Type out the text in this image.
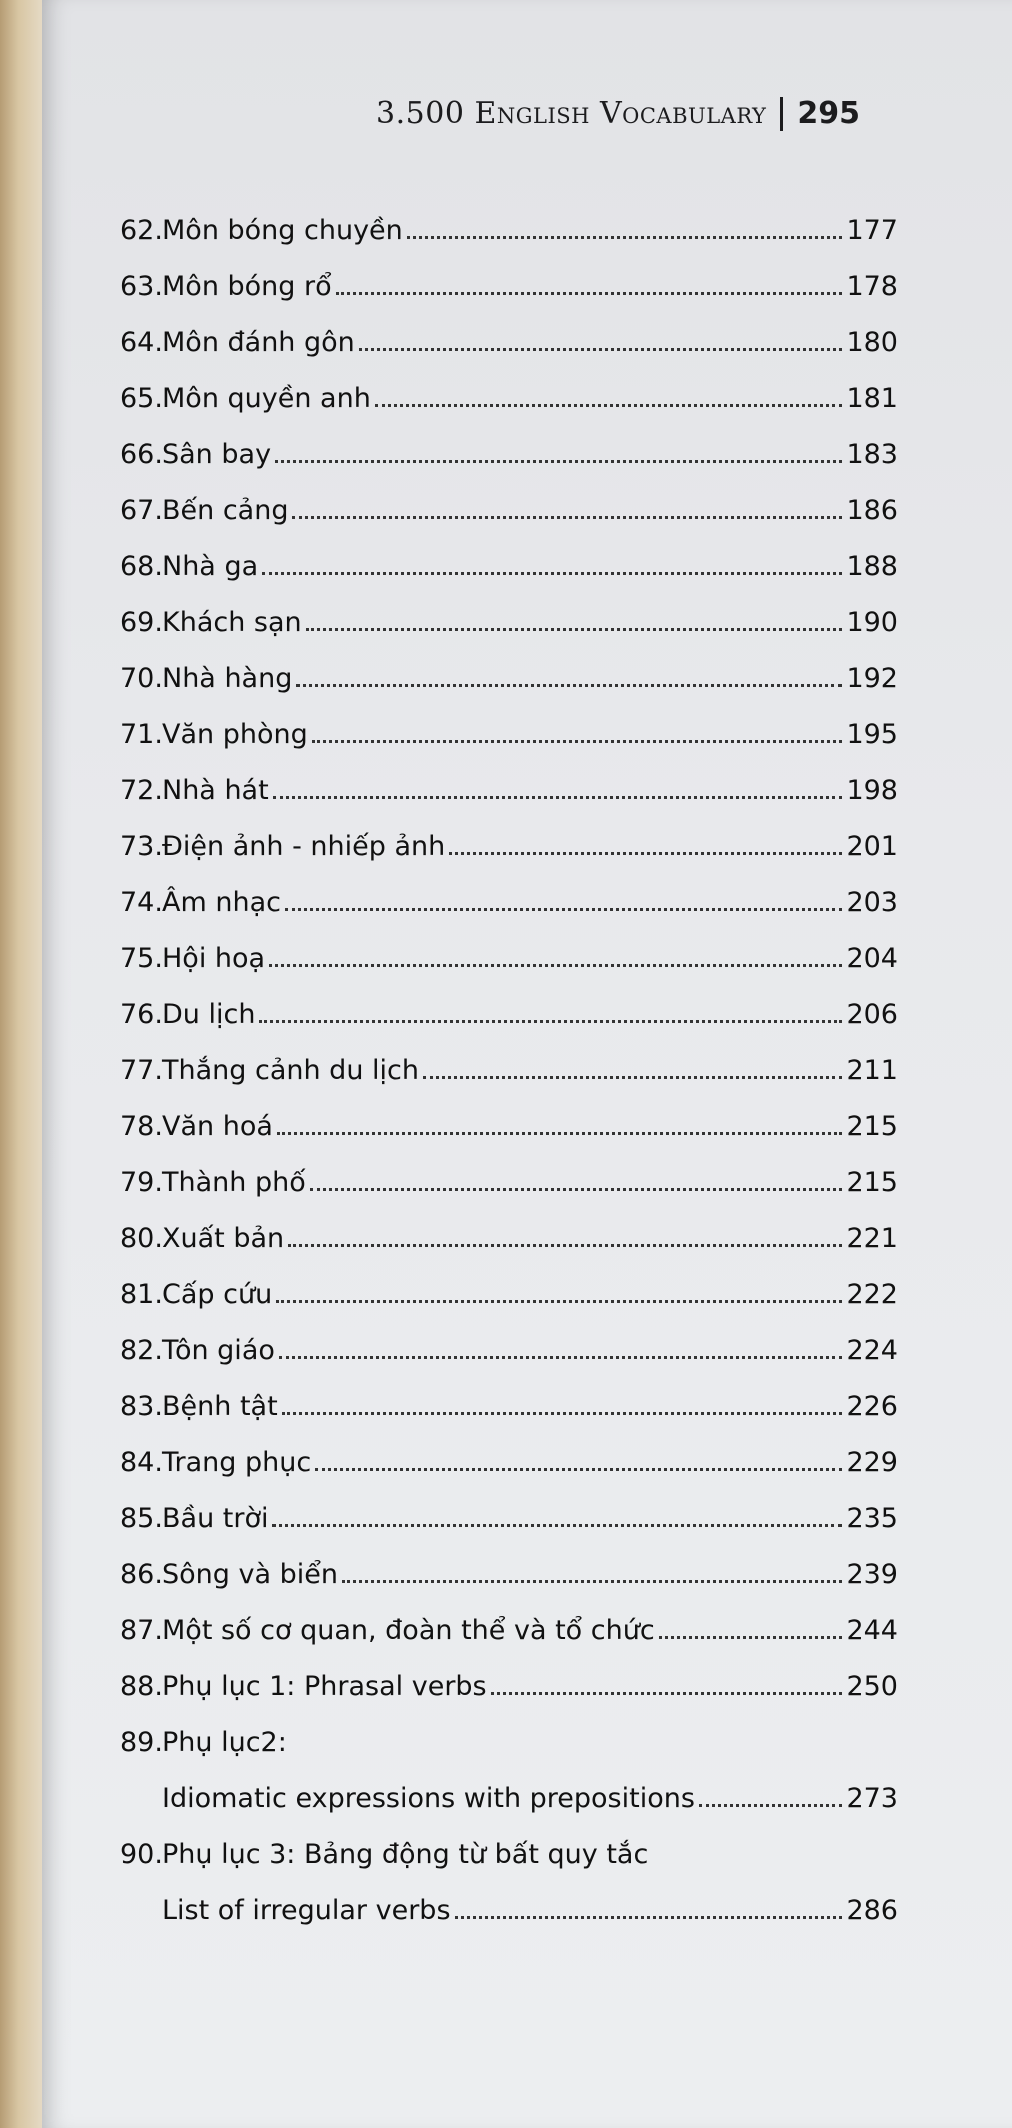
3.500 English Vocabulary 295
62. Môn bóng chuyền	177
63. Môn bóng rổ	178
64. Môn đánh gôn	180
65. Môn quyền anh	181
66. Sân bay	183
67. Bến cảng	186
68. Nhà ga	188
69. Khách sạn	190
70. Nhà hàng	192
71. Văn phòng	195
72. Nhà hát	198
73. Điện ảnh - nhiếp ảnh	201
74. Âm nhạc	203
75. Hội hoạ	204
76. Du lịch	206
77. Thắng cảnh du lịch	211
78. Văn hoá	215
79. Thành phố	215
80. Xuất bản	221
81. Cấp cứu	222
82. Tôn giáo	224
83. Bệnh tật	226
84. Trang phục	229
85. Bầu trời	235
86. Sông và biển	239
87. Một số cơ quan, đoàn thể và tổ chức	244
88. Phụ lục 1: Phrasal verbs	250
89. Phụ lục2:
Idiomatic expressions with prepositions	273
90. Phụ lục 3: Bảng động từ bất quy tắc
List of irregular verbs	286
